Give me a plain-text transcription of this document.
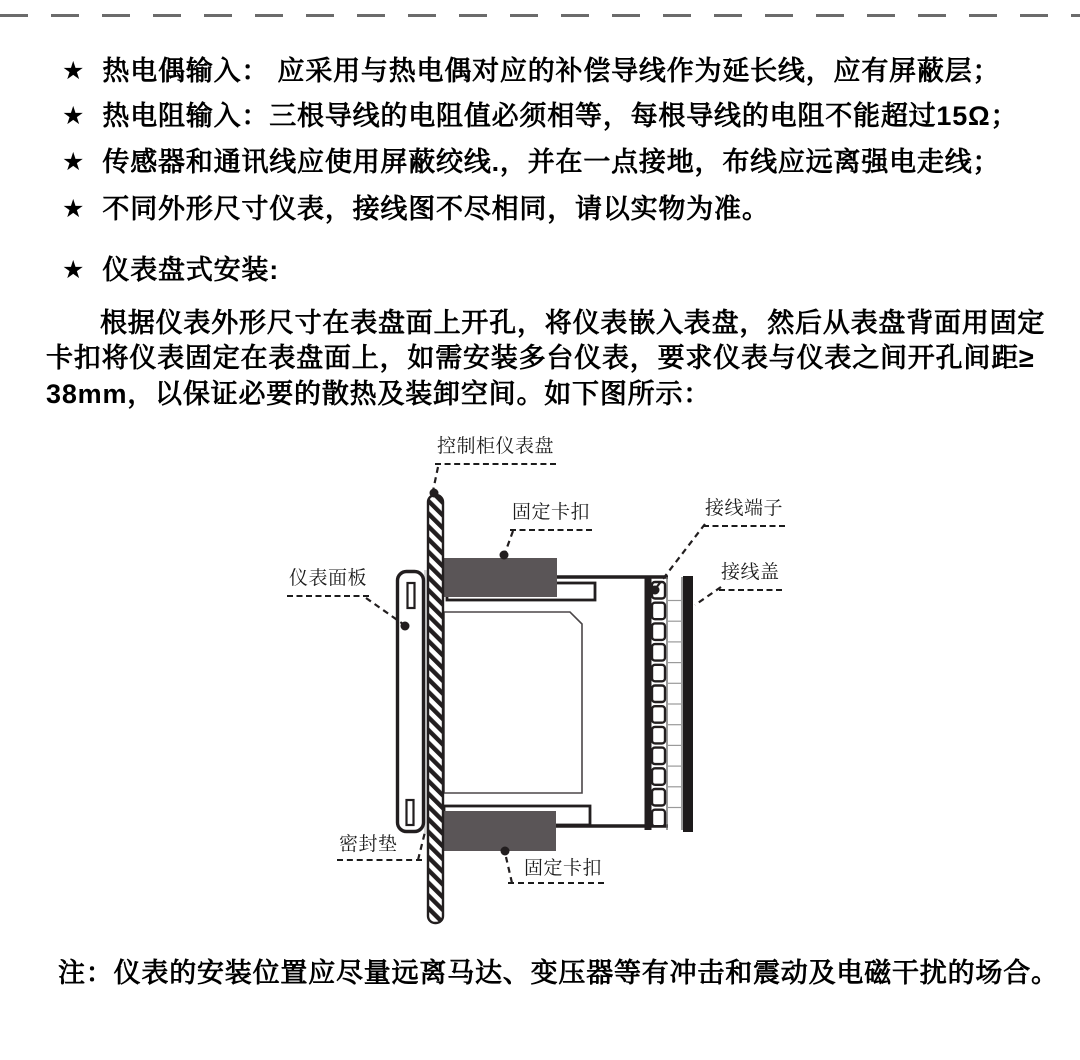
★ 热电偶输入： 应采用与热电偶对应的补偿导线作为延长线，应有屏蔽层；
★ 热电阻输入：三根导线的电阻值必须相等，每根导线的电阻不能超过15Ω；
★ 传感器和通讯线应使用屏蔽绞线.，并在一点接地，布线应远离强电走线；
★ 不同外形尺寸仪表，接线图不尽相同，请以实物为准。
★ 仪表盘式安装:
根据仪表外形尺寸在表盘面上开孔，将仪表嵌入表盘，然后从表盘背面用固定
卡扣将仪表固定在表盘面上，如需安装多台仪表，要求仪表与仪表之间开孔间距≥
38mm，以保证必要的散热及装卸空间。如下图所示：
控制柜仪表盘
固定卡扣	接线端子
接线盖
仪表面板
密封垫
固定卡扣
注：仪表的安装位置应尽量远离马达、变压器等有冲击和震动及电磁干扰的场合。
